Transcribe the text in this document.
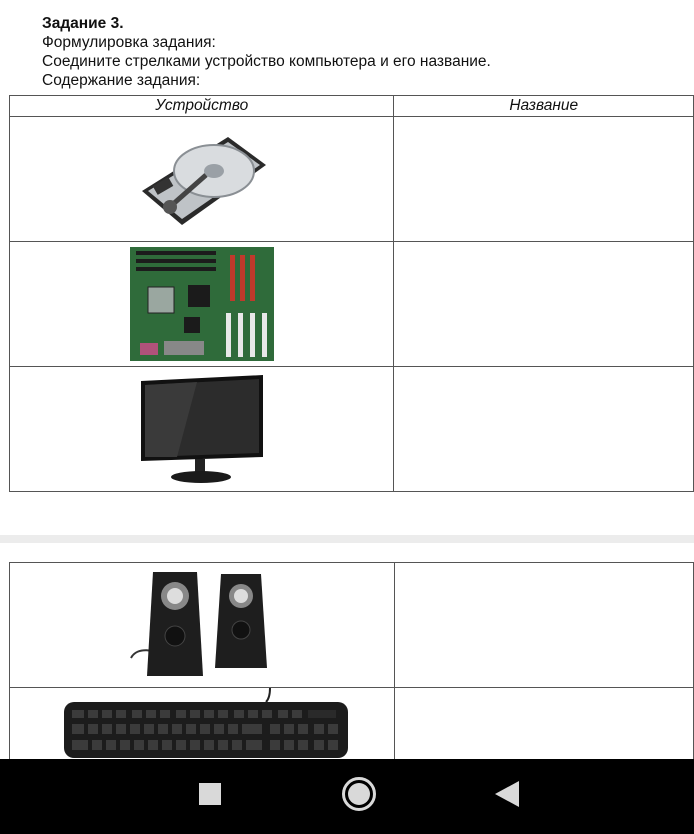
Задание 3.
Формулировка задания:
Соедините стрелками устройство компьютера и его название.
Содержание задания:
Устройство	Название
